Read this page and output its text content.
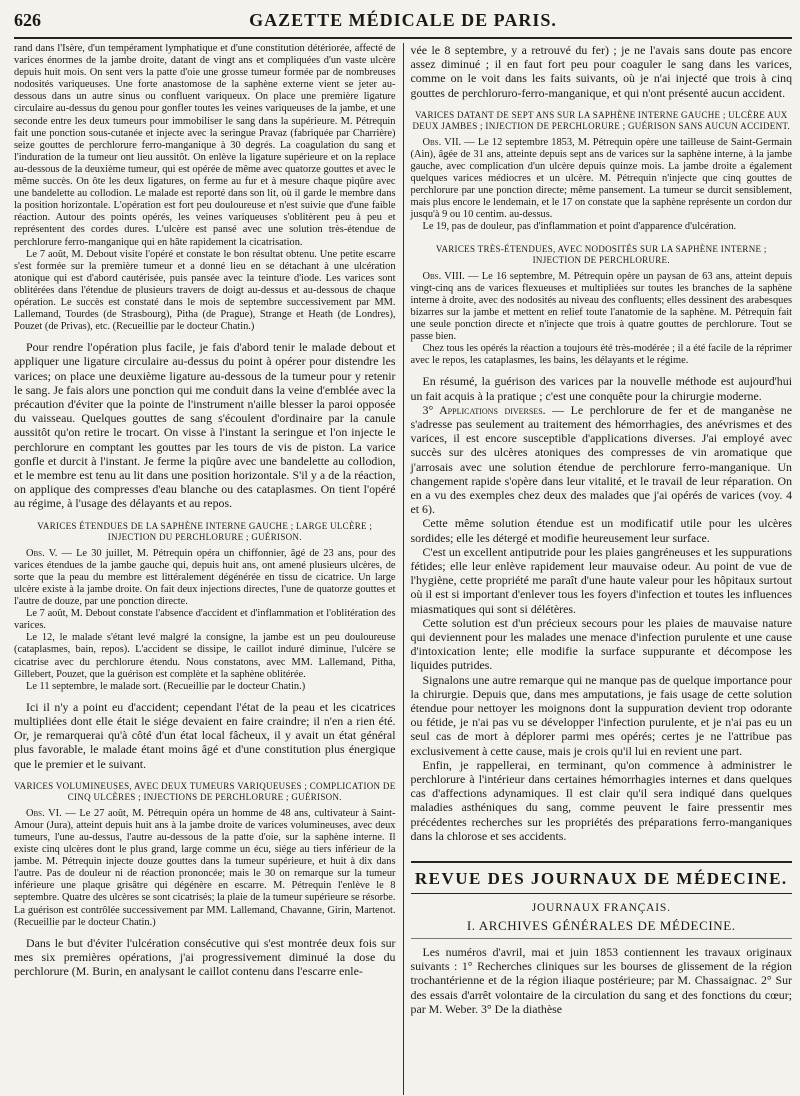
626	GAZETTE MÉDICALE DE PARIS.

rand dans l'Isère, d'un tempérament lymphatique et d'une constitution détériorée, affecté de varices énormes de la jambe droite, datant de vingt ans et compliquées d'un vaste ulcère depuis huit mois. On sent vers la patte d'oie une grosse tumeur formée par de nombreuses nodosités variqueuses. Une forte anastomose de la saphène externe vient se jeter au-dessous dans un autre sinus ou confluent variqueux. On place une première ligature circulaire au-dessus du genou pour gonfler toutes les veines variqueuses de la jambe, et une seconde entre les deux tumeurs pour immobiliser le sang dans la supérieure. M. Pétrequin fait une ponction sous-cutanée et injecte avec la seringue Pravaz (fabriquée par Charrière) seize gouttes de perchlorure ferro-manganique à 30 degrés. La coagulation du sang et l'induration de la tumeur ont lieu aussitôt. On enlève la ligature supérieure et on la replace au-dessous de la deuxième tumeur, qui est opérée de même avec quatorze gouttes et avec le même succès. On ôte les deux ligatures, on ferme au fur et à mesure chaque piqûre avec une bandelette au collodion. Le malade est reporté dans son lit, où il garde le membre dans la position horizontale. L'opération est fort peu douloureuse et n'est suivie que d'une faible réaction. Autour des points opérés, les veines variqueuses s'oblitèrent peu à peu et représentent des cordes dures. L'ulcère est pansé avec une solution très-étendue de perchlorure ferro-manganique qui en hâte rapidement la cicatrisation.

Le 7 août, M. Debout visite l'opéré et constate le bon résultat obtenu. Une petite escarre s'est formée sur la première tumeur et a donné lieu en se détachant à une ulcération atonique qui est d'abord cautérisée, puis pansée avec la teinture d'iode. Les varices sont oblitérées dans l'étendue de plusieurs travers de doigt au-dessus et au-dessous de chaque opération. Le succès est constaté dans le mois de septembre successivement par MM. Lallemand, Tourdes (de Strasbourg), Pitha (de Prague), Strange et Heath (de Londres), Pouzet (de Privas), etc. (Recueillie par le docteur Chatin.)

Pour rendre l'opération plus facile, je fais d'abord tenir le malade debout et appliquer une ligature circulaire au-dessus du point à opérer pour distendre les varices; on place une deuxième ligature au-dessous de la tumeur pour y retenir le sang. Je fais alors une ponction qui me conduit dans la veine d'emblée avec la précaution d'éviter que la pointe de l'instrument n'aille blesser la paroi opposée du vaisseau. Quelques gouttes de sang s'écoulent d'ordinaire par la canule aussitôt qu'on retire le trocart. On visse à l'instant la seringue et l'on injecte le perchlorure en comptant les gouttes par les tours de vis de piston. La varice gonfle et durcit à l'instant. Je ferme la piqûre avec une bandelette au collodion, et le membre est tenu au lit dans une position horizontale. S'il y a de la réaction, on applique des compresses d'eau blanche ou des cataplasmes. On tient l'opéré au régime, à l'usage des délayants et au repos.

VARICES ÉTENDUES DE LA SAPHÈNE INTERNE GAUCHE ; LARGE ULCÈRE ; INJECTION DU PERCHLORURE ; GUÉRISON.

Obs. V. — Le 30 juillet, M. Pétrequin opéra un chiffonnier, âgé de 23 ans, pour des varices étendues de la jambe gauche qui, depuis huit ans, ont amené plusieurs ulcères, de sorte que la peau du membre est littéralement dégénérée en tissu de cicatrice. Un large ulcère existe à la jambe droite. On fait deux injections directes, l'une de quatorze gouttes et l'autre de douze, par une ponction directe.

Le 7 août, M. Debout constate l'absence d'accident et d'inflammation et l'oblitération des varices.

Le 12, le malade s'étant levé malgré la consigne, la jambe est un peu douloureuse (cataplasmes, bain, repos). L'accident se dissipe, le caillot induré diminue, l'ulcère se cicatrise avec du perchlorure étendu. Nous constatons, avec MM. Lallemand, Pitha, Gillebert, Pouzet, que la guérison est complète et la saphène oblitérée.

Le 11 septembre, le malade sort. (Recueillie par le docteur Chatin.)

Ici il n'y a point eu d'accident; cependant l'état de la peau et les cicatrices multipliées dont elle était le siége devaient en faire craindre; il n'en a rien été. Or, je remarquerai qu'à côté d'un état local fâcheux, il y avait un état général plus favorable, le malade étant moins âgé et d'une constitution plus énergique que le premier et le suivant.

VARICES VOLUMINEUSES, AVEC DEUX TUMEURS VARIQUEUSES ; COMPLICATION DE CINQ ULCÈRES ; INJECTIONS DE PERCHLORURE ; GUÉRISON.

Obs. VI. — Le 27 août, M. Pétrequin opéra un homme de 48 ans, cultivateur à Saint-Amour (Jura), atteint depuis huit ans à la jambe droite de varices volumineuses, avec deux tumeurs, l'une au-dessus, l'autre au-dessous de la patte d'oie, sur la saphène interne. Il existe cinq ulcères dont le plus grand, large comme un écu, siége au tiers inférieur de la jambe. M. Pétrequin injecte douze gouttes dans la tumeur supérieure, et huit à dix dans l'autre. Pas de douleur ni de réaction prononcée; mais le 30 on remarque sur la tumeur inférieure une plaque grisâtre qui dégénère en escarre. M. Pétrequin l'enlève le 8 septembre. Quatre des ulcères se sont cicatrisés; la plaie de la tumeur supérieure se résorbe. La guérison est contrôlée successivement par MM. Lallemand, Chavanne, Girin, Martenot. (Recueillie par le docteur Chatin.)

Dans le but d'éviter l'ulcération consécutive qui s'est montrée deux fois sur mes six premières opérations, j'ai progressivement diminué la dose du perchlorure (M. Burin, en analysant le caillot contenu dans l'escarre enle-

vée le 8 septembre, y a retrouvé du fer) ; je ne l'avais sans doute pas encore assez diminué ; il en faut fort peu pour coaguler le sang dans les varices, comme on le voit dans les faits suivants, où je n'ai injecté que trois à cinq gouttes de perchloruro-ferro-manganique, et qui n'ont présenté aucun accident.

VARICES DATANT DE SEPT ANS SUR LA SAPHÈNE INTERNE GAUCHE ; ULCÈRE AUX DEUX JAMBES ; INJECTION DE PERCHLORURE ; GUÉRISON SANS AUCUN ACCIDENT.

Obs. VII. — Le 12 septembre 1853, M. Pétrequin opère une tailleuse de Saint-Germain (Ain), âgée de 31 ans, atteinte depuis sept ans de varices sur la saphène interne, à la jambe gauche, avec complication d'un ulcère depuis quinze mois. La jambe droite a également quelques varices médiocres et un ulcère. M. Pétrequin n'injecte que cinq gouttes de perchlorure par une ponction directe; même pansement. La tumeur se durcit sensiblement, mais plus encore le lendemain, et le 17 on constate que la saphène représente un cordon dur jusqu'à 9 ou 10 centim. au-dessus.

Le 19, pas de douleur, pas d'inflammation et point d'apparence d'ulcération.

VARICES TRÈS-ÉTENDUES, AVEC NODOSITÉS SUR LA SAPHÈNE INTERNE ; INJECTION DE PERCHLORURE.

Obs. VIII. — Le 16 septembre, M. Pétrequin opère un paysan de 63 ans, atteint depuis vingt-cinq ans de varices flexueuses et multipliées sur toutes les branches de la saphène interne à droite, avec des nodosités au niveau des confluents; elles dessinent des arabesques bizarres sur la jambe et mettent en relief toute l'anatomie de la saphène. M. Pétrequin fait une seule ponction directe et n'injecte que trois à quatre gouttes de perchlorure. Tout se passe bien.

Chez tous les opérés la réaction a toujours été très-modérée ; il a été facile de la réprimer avec le repos, les cataplasmes, les bains, les délayants et le régime.

En résumé, la guérison des varices par la nouvelle méthode est aujourd'hui un fait acquis à la pratique ; c'est une conquête pour la chirurgie moderne.

3° Applications diverses. — Le perchlorure de fer et de manganèse ne s'adresse pas seulement au traitement des hémorrhagies, des anévrismes et des varices, il est encore susceptible d'applications diverses. J'ai employé avec succès sur des ulcères atoniques des compresses de vin aromatique que j'arrosais avec une solution étendue de perchlorure ferro-manganique. Un changement rapide s'opère dans leur vitalité, et le travail de leur réparation. On en a vu des exemples chez deux des malades que j'ai opérés de varices (voy. 4 et 6).

Cette même solution étendue est un modificatif utile pour les ulcères sordides; elle les détergé et modifie heureusement leur surface.

C'est un excellent antiputride pour les plaies gangréneuses et les suppurations fétides; elle leur enlève rapidement leur mauvaise odeur. Au point de vue de l'hygiène, cette propriété me paraît d'une haute valeur pour les hôpitaux surtout où il est si important d'enlever tous les foyers d'infection et toutes les influences miasmatiques qui sont si délétères.

Cette solution est d'un précieux secours pour les plaies de mauvaise nature qui deviennent pour les malades une menace d'infection purulente et une cause d'intoxication lente; elle modifie la surface suppurante et décompose les liquides putrides.

Signalons une autre remarque qui ne manque pas de quelque importance pour la chirurgie. Depuis que, dans mes amputations, je fais usage de cette solution étendue pour nettoyer les moignons dont la suppuration devient trop odorante ou fétide, je n'ai pas vu se développer l'infection purulente, et je n'ai pas eu un seul cas de mort à déplorer parmi mes opérés; certes je ne l'attribue pas exclusivement à cette cause, mais je crois qu'il lui en revient une part.

Enfin, je rappellerai, en terminant, qu'on commence à administrer le perchlorure à l'intérieur dans certaines hémorrhagies internes et dans quelques cas d'affections adynamiques. Il est clair qu'il sera indiqué dans quelques maladies asthéniques du sang, comme peuvent le faire pressentir mes précédentes recherches sur les propriétés des préparations ferro-manganiques dans la chlorose et ses accidents.

REVUE DES JOURNAUX DE MÉDECINE.
JOURNAUX FRANÇAIS.
I. ARCHIVES GÉNÉRALES DE MÉDECINE.

Les numéros d'avril, mai et juin 1853 contiennent les travaux originaux suivants : 1° Recherches cliniques sur les bourses de glissement de la région trochantérienne et de la région iliaque postérieure; par M. Chassaignac. 2° Sur des essais d'arrêt volontaire de la circulation du sang et des fonctions du cœur; par M. Weber. 3° De la diathèse
